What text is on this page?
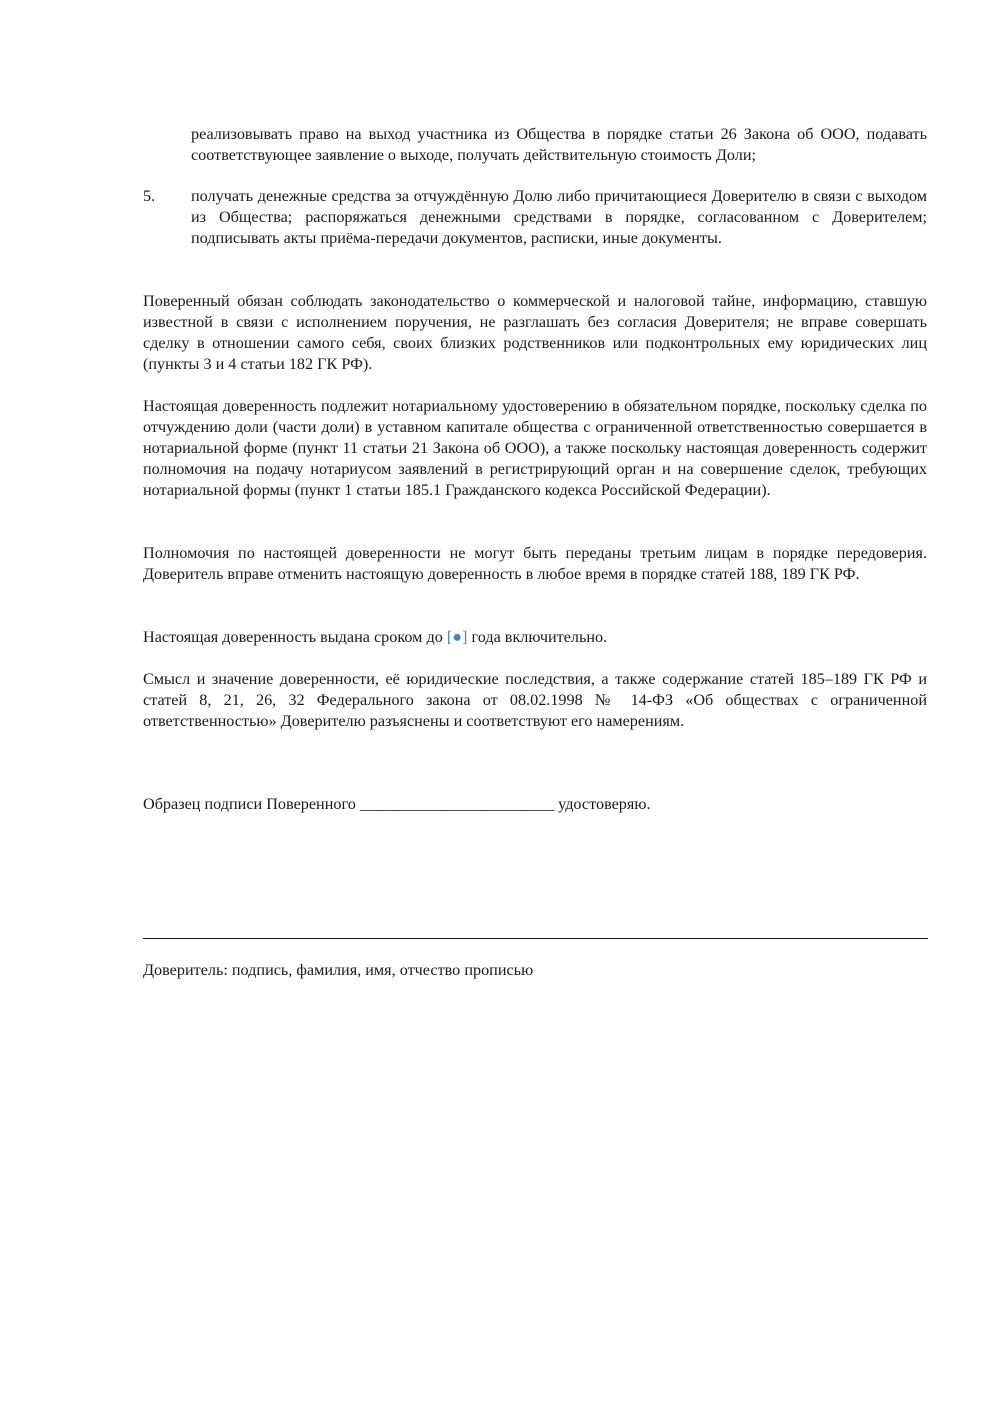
реализовывать право на выход участника из Общества в порядке статьи 26 Закона об ООО, подавать соответствующее заявление о выходе, получать действительную стоимость Доли;

5. получать денежные средства за отчуждённую Долю либо причитающиеся Доверителю в связи с выходом из Общества; распоряжаться денежными средствами в порядке, согласованном с Доверителем; подписывать акты приёма-передачи документов, расписки, иные документы.

Поверенный обязан соблюдать законодательство о коммерческой и налоговой тайне, информацию, ставшую известной в связи с исполнением поручения, не разглашать без согласия Доверителя; не вправе совершать сделку в отношении самого себя, своих близких родственников или подконтрольных ему юридических лиц (пункты 3 и 4 статьи 182 ГК РФ).

Настоящая доверенность подлежит нотариальному удостоверению в обязательном порядке, поскольку сделка по отчуждению доли (части доли) в уставном капитале общества с ограниченной ответственностью совершается в нотариальной форме (пункт 11 статьи 21 Закона об ООО), а также поскольку настоящая доверенность содержит полномочия на подачу нотариусом заявлений в регистрирующий орган и на совершение сделок, требующих нотариальной формы (пункт 1 статьи 185.1 Гражданского кодекса Российской Федерации).

Полномочия по настоящей доверенности не могут быть переданы третьим лицам в порядке передоверия. Доверитель вправе отменить настоящую доверенность в любое время в порядке статей 188, 189 ГК РФ.

Настоящая доверенность выдана сроком до [●] года включительно.

Смысл и значение доверенности, её юридические последствия, а также содержание статей 185–189 ГК РФ и статей 8, 21, 26, 32 Федерального закона от 08.02.1998 № 14-ФЗ «Об обществах с ограниченной ответственностью» Доверителю разъяснены и соответствуют его намерениям.

Образец подписи Поверенного ________________________ удостоверяю.
Доверитель: подпись, фамилия, имя, отчество прописью
